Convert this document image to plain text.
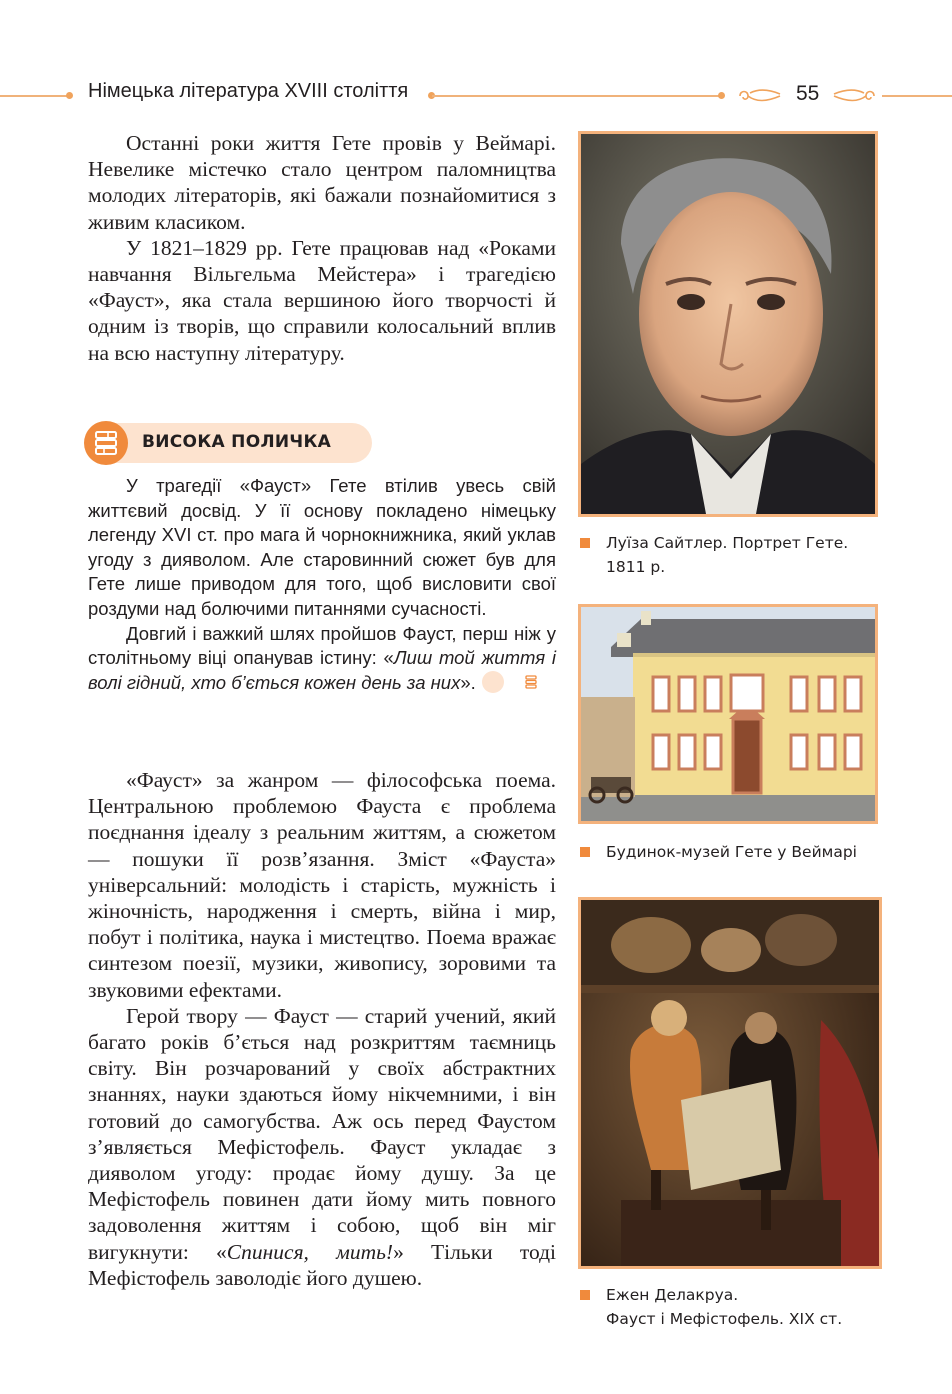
Німецька література XVIII століття	55

Останні роки життя Гете провів у Веймарі. Невелике містечко стало центром паломництва молодих літераторів, які бажали познайомитися з живим класиком.

У 1821–1829 рр. Гете працював над «Роками навчання Вільгельма Мейстера» і трагедією «Фауст», яка стала вершиною його творчості й одним із творів, що справили колосальний вплив на всю наступну літературу.

ВИСОКА ПОЛИЧКА

У трагедії «Фауст» Гете втілив увесь свій життєвий досвід. У її основу покладено німецьку легенду XVI ст. про мага й чорнокнижника, який уклав угоду з дияволом. Але старовинний сюжет був для Гете лише приводом для того, щоб висловити свої роздуми над болючими питаннями сучасності.

Довгий і важкий шлях пройшов Фауст, перш ніж у столітньому віці опанував істину: «Лиш той життя і волі гідний, хто б’ється кожен день за них».

«Фауст» за жанром — філософська поема. Центральною проблемою Фауста є проблема поєднання ідеалу з реальним життям, а сюжетом — пошуки її розв’язання. Зміст «Фауста» універсальний: молодість і старість, мужність і жіночність, народження і смерть, війна і мир, побут і політика, наука і мистецтво. Поема вражає синтезом поезії, музики, живопису, зоровими та звуковими ефектами.

Герой твору — Фауст — старий учений, який багато років б’ється над розкриттям таємниць світу. Він розчарований у своїх абстрактних знаннях, науки здаються йому нікчемними, і він готовий до самогубства. Аж ось перед Фаустом з’являється Мефістофель. Фауст укладає з дияволом угоду: продає йому душу. За це Мефістофель повинен дати йому мить повного задоволення життям і собою, щоб він міг вигукнути: «Спинися, мить!» Тільки тоді Мефістофель заволодіє його душею.

Луїза Сайтлер. Портрет Гете.
1811 р.
Будинок-музей Гете у Веймарі
Ежен Делакруа.
Фауст і Мефістофель. XIX ст.
